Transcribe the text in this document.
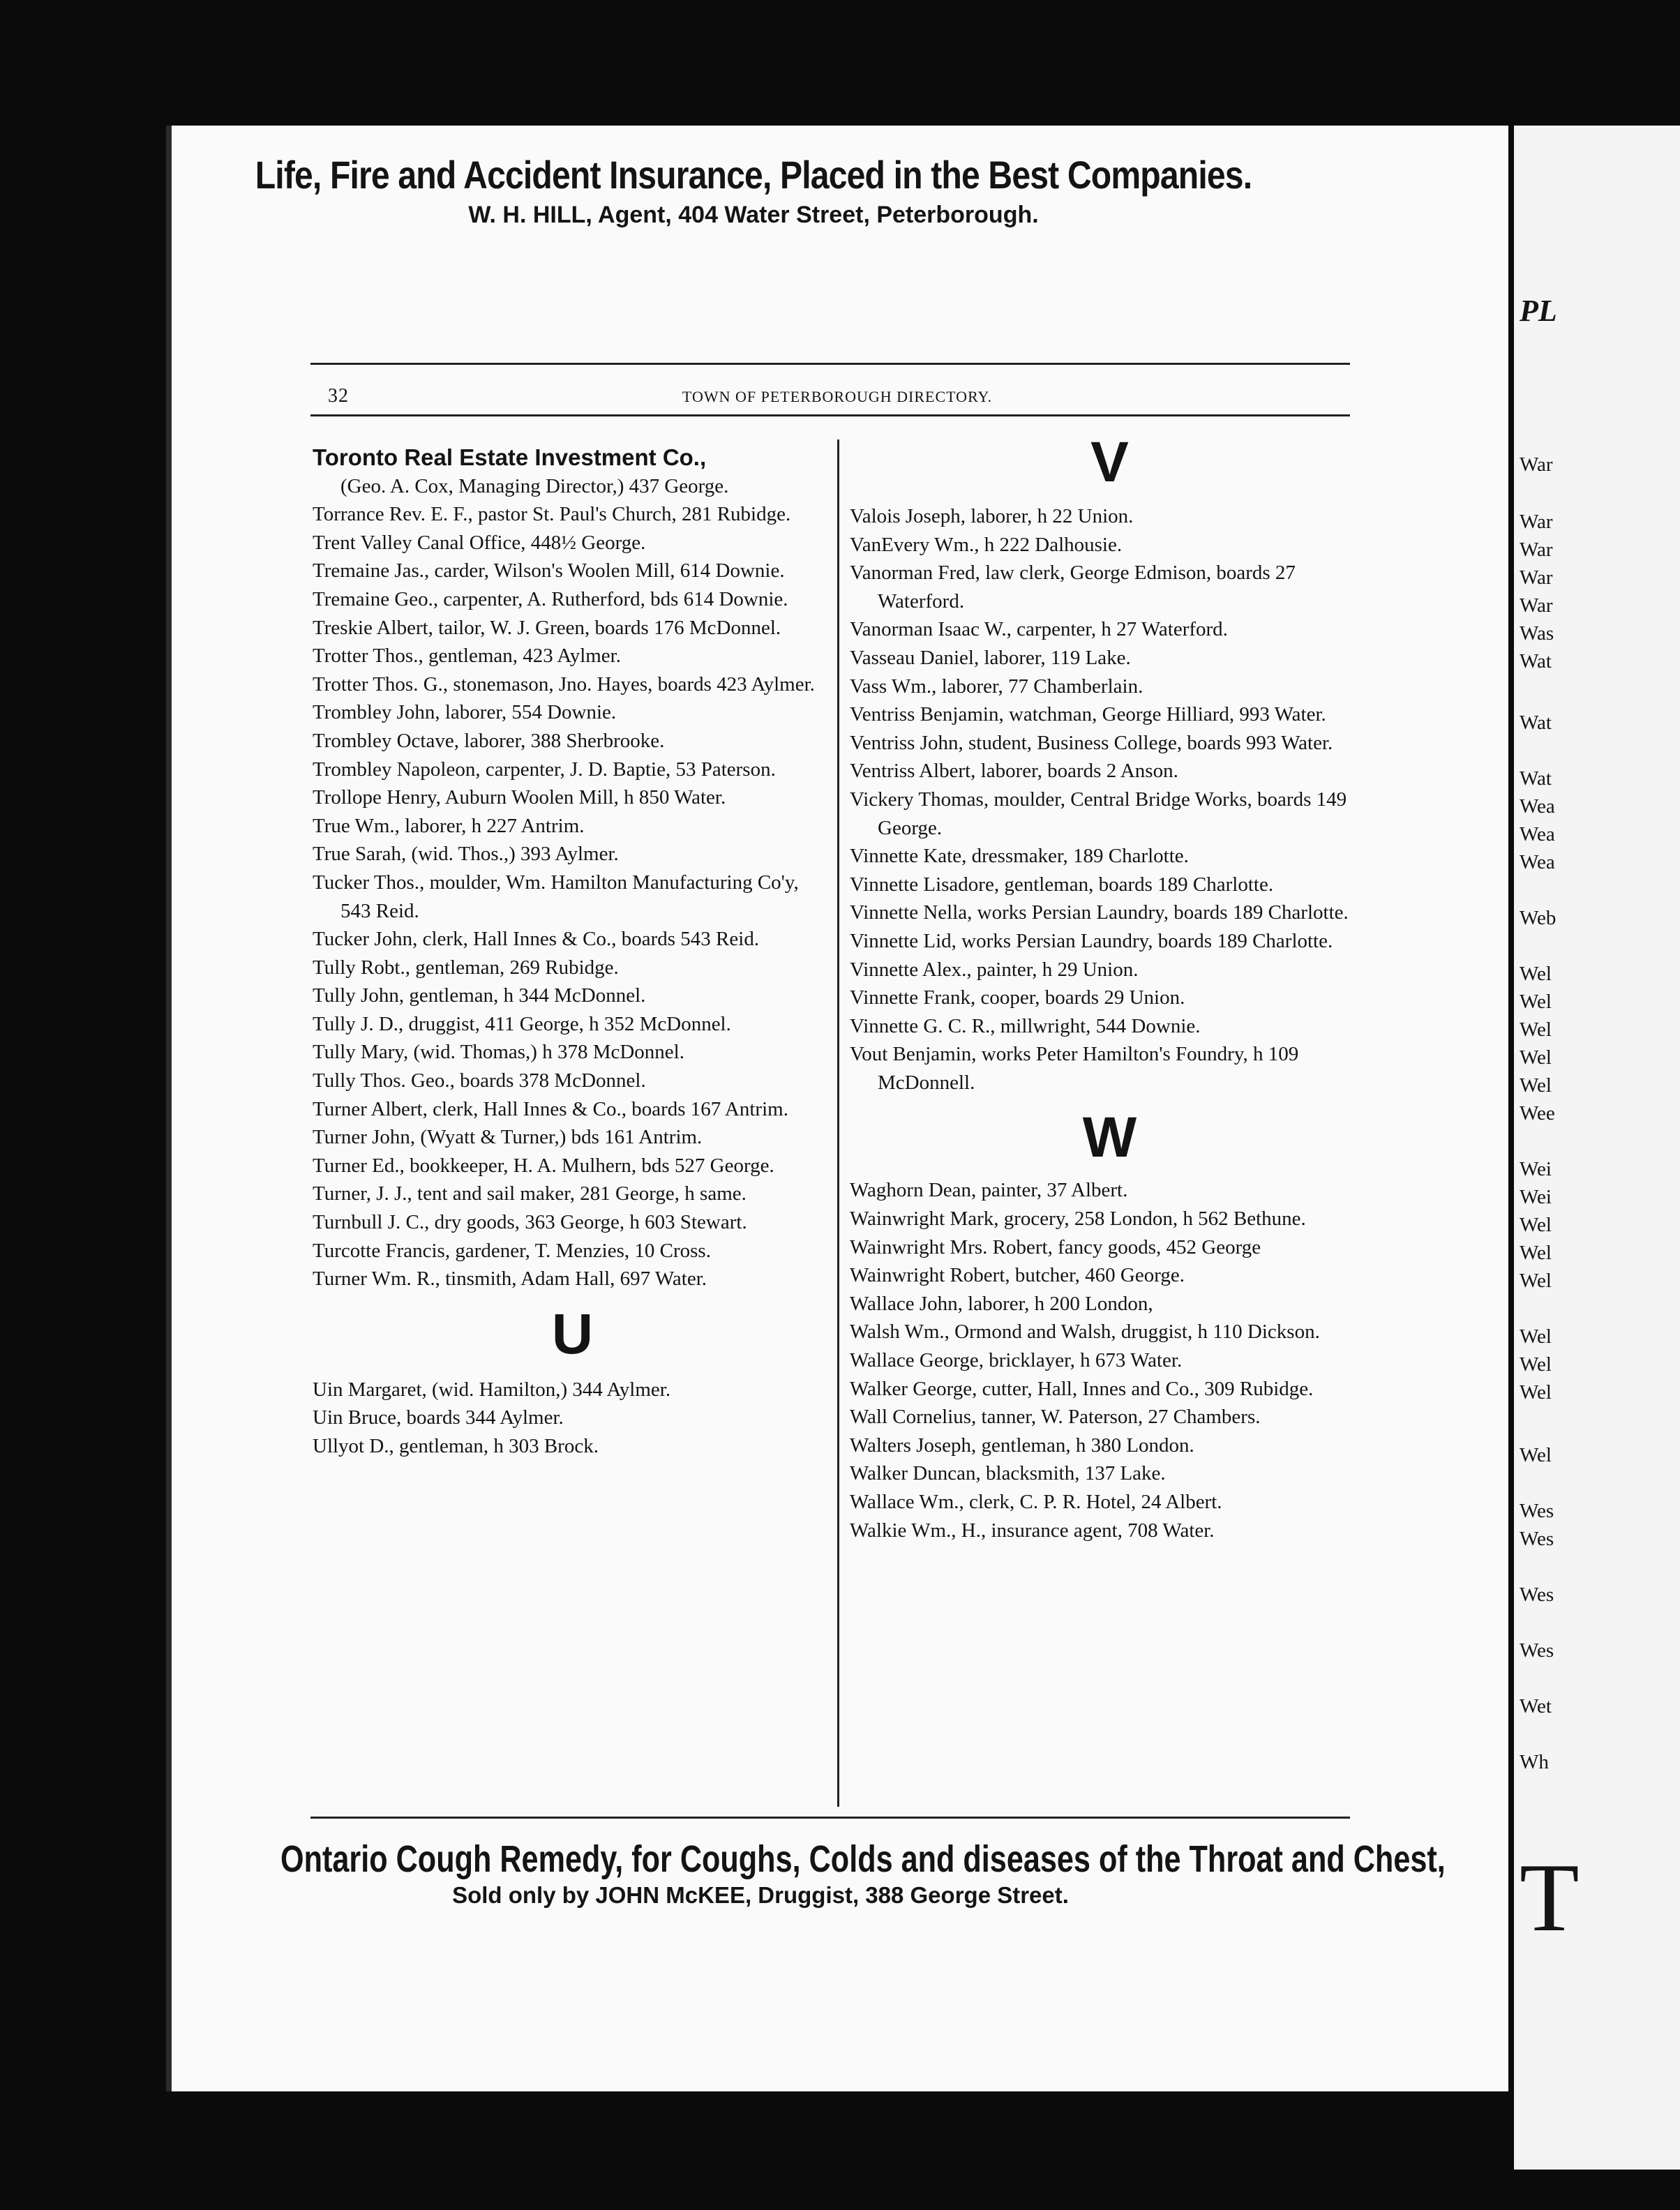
Life, Fire and Accident Insurance, Placed in the Best Companies.
W. H. HILL, Agent, 404 Water Street, Peterborough.
32	TOWN OF PETERBOROUGH DIRECTORY.

Toronto Real Estate Investment Co.,

(Geo. A. Cox, Managing Director,) 437 George.

Torrance Rev. E. F., pastor St. Paul's Church, 281 Rubidge.

Trent Valley Canal Office, 448½ George.

Tremaine Jas., carder, Wilson's Woolen Mill, 614 Downie.

Tremaine Geo., carpenter, A. Rutherford, bds 614 Downie.

Treskie Albert, tailor, W. J. Green, boards 176 McDonnel.

Trotter Thos., gentleman, 423 Aylmer.

Trotter Thos. G., stonemason, Jno. Hayes, boards 423 Aylmer.

Trombley John, laborer, 554 Downie.

Trombley Octave, laborer, 388 Sherbrooke.

Trombley Napoleon, carpenter, J. D. Baptie, 53 Paterson.

Trollope Henry, Auburn Woolen Mill, h 850 Water.

True Wm., laborer, h 227 Antrim.

True Sarah, (wid. Thos.,) 393 Aylmer.

Tucker Thos., moulder, Wm. Hamilton Manufacturing Co'y, 543 Reid.

Tucker John, clerk, Hall Innes & Co., boards 543 Reid.

Tully Robt., gentleman, 269 Rubidge.

Tully John, gentleman, h 344 McDonnel.

Tully J. D., druggist, 411 George, h 352 McDonnel.

Tully Mary, (wid. Thomas,) h 378 McDonnel.

Tully Thos. Geo., boards 378 McDonnel.

Turner Albert, clerk, Hall Innes & Co., boards 167 Antrim.

Turner John, (Wyatt & Turner,) bds 161 Antrim.

Turner Ed., bookkeeper, H. A. Mulhern, bds 527 George.

Turner, J. J., tent and sail maker, 281 George, h same.

Turnbull J. C., dry goods, 363 George, h 603 Stewart.

Turcotte Francis, gardener, T. Menzies, 10 Cross.

Turner Wm. R., tinsmith, Adam Hall, 697 Water.

U

Uin Margaret, (wid. Hamilton,) 344 Aylmer.

Uin Bruce, boards 344 Aylmer.

Ullyot D., gentleman, h 303 Brock.

V

Valois Joseph, laborer, h 22 Union.

VanEvery Wm., h 222 Dalhousie.

Vanorman Fred, law clerk, George Edmison, boards 27 Waterford.

Vanorman Isaac W., carpenter, h 27 Waterford.

Vasseau Daniel, laborer, 119 Lake.

Vass Wm., laborer, 77 Chamberlain.

Ventriss Benjamin, watchman, George Hilliard, 993 Water.

Ventriss John, student, Business College, boards 993 Water.

Ventriss Albert, laborer, boards 2 Anson.

Vickery Thomas, moulder, Central Bridge Works, boards 149 George.

Vinnette Kate, dressmaker, 189 Charlotte.

Vinnette Lisadore, gentleman, boards 189 Charlotte.

Vinnette Nella, works Persian Laundry, boards 189 Charlotte.

Vinnette Lid, works Persian Laundry, boards 189 Charlotte.

Vinnette Alex., painter, h 29 Union.

Vinnette Frank, cooper, boards 29 Union.

Vinnette G. C. R., millwright, 544 Downie.

Vout Benjamin, works Peter Hamilton's Foundry, h 109 McDonnell.

W

Waghorn Dean, painter, 37 Albert.

Wainwright Mark, grocery, 258 London, h 562 Bethune.

Wainwright Mrs. Robert, fancy goods, 452 George

Wainwright Robert, butcher, 460 George.

Wallace John, laborer, h 200 London,

Walsh Wm., Ormond and Walsh, druggist, h 110 Dickson.

Wallace George, bricklayer, h 673 Water.

Walker George, cutter, Hall, Innes and Co., 309 Rubidge.

Wall Cornelius, tanner, W. Paterson, 27 Chambers.

Walters Joseph, gentleman, h 380 London.

Walker Duncan, blacksmith, 137 Lake.

Wallace Wm., clerk, C. P. R. Hotel, 24 Albert.

Walkie Wm., H., insurance agent, 708 Water.

Ontario Cough Remedy, for Coughs, Colds and diseases of the Throat and Chest,
Sold only by JOHN McKEE, Druggist, 388 George Street.
PL
War
War
War
War
War
Was
Wat
Wat
Wat
Wea
Wea
Wea
Web
Wel
Wel
Wel
Wel
Wel
Wee
Wei
Wei
Wel
Wel
Wel
Wel
Wel
Wel
Wel
Wes
Wes
Wes
Wes
Wet
Wh
T
